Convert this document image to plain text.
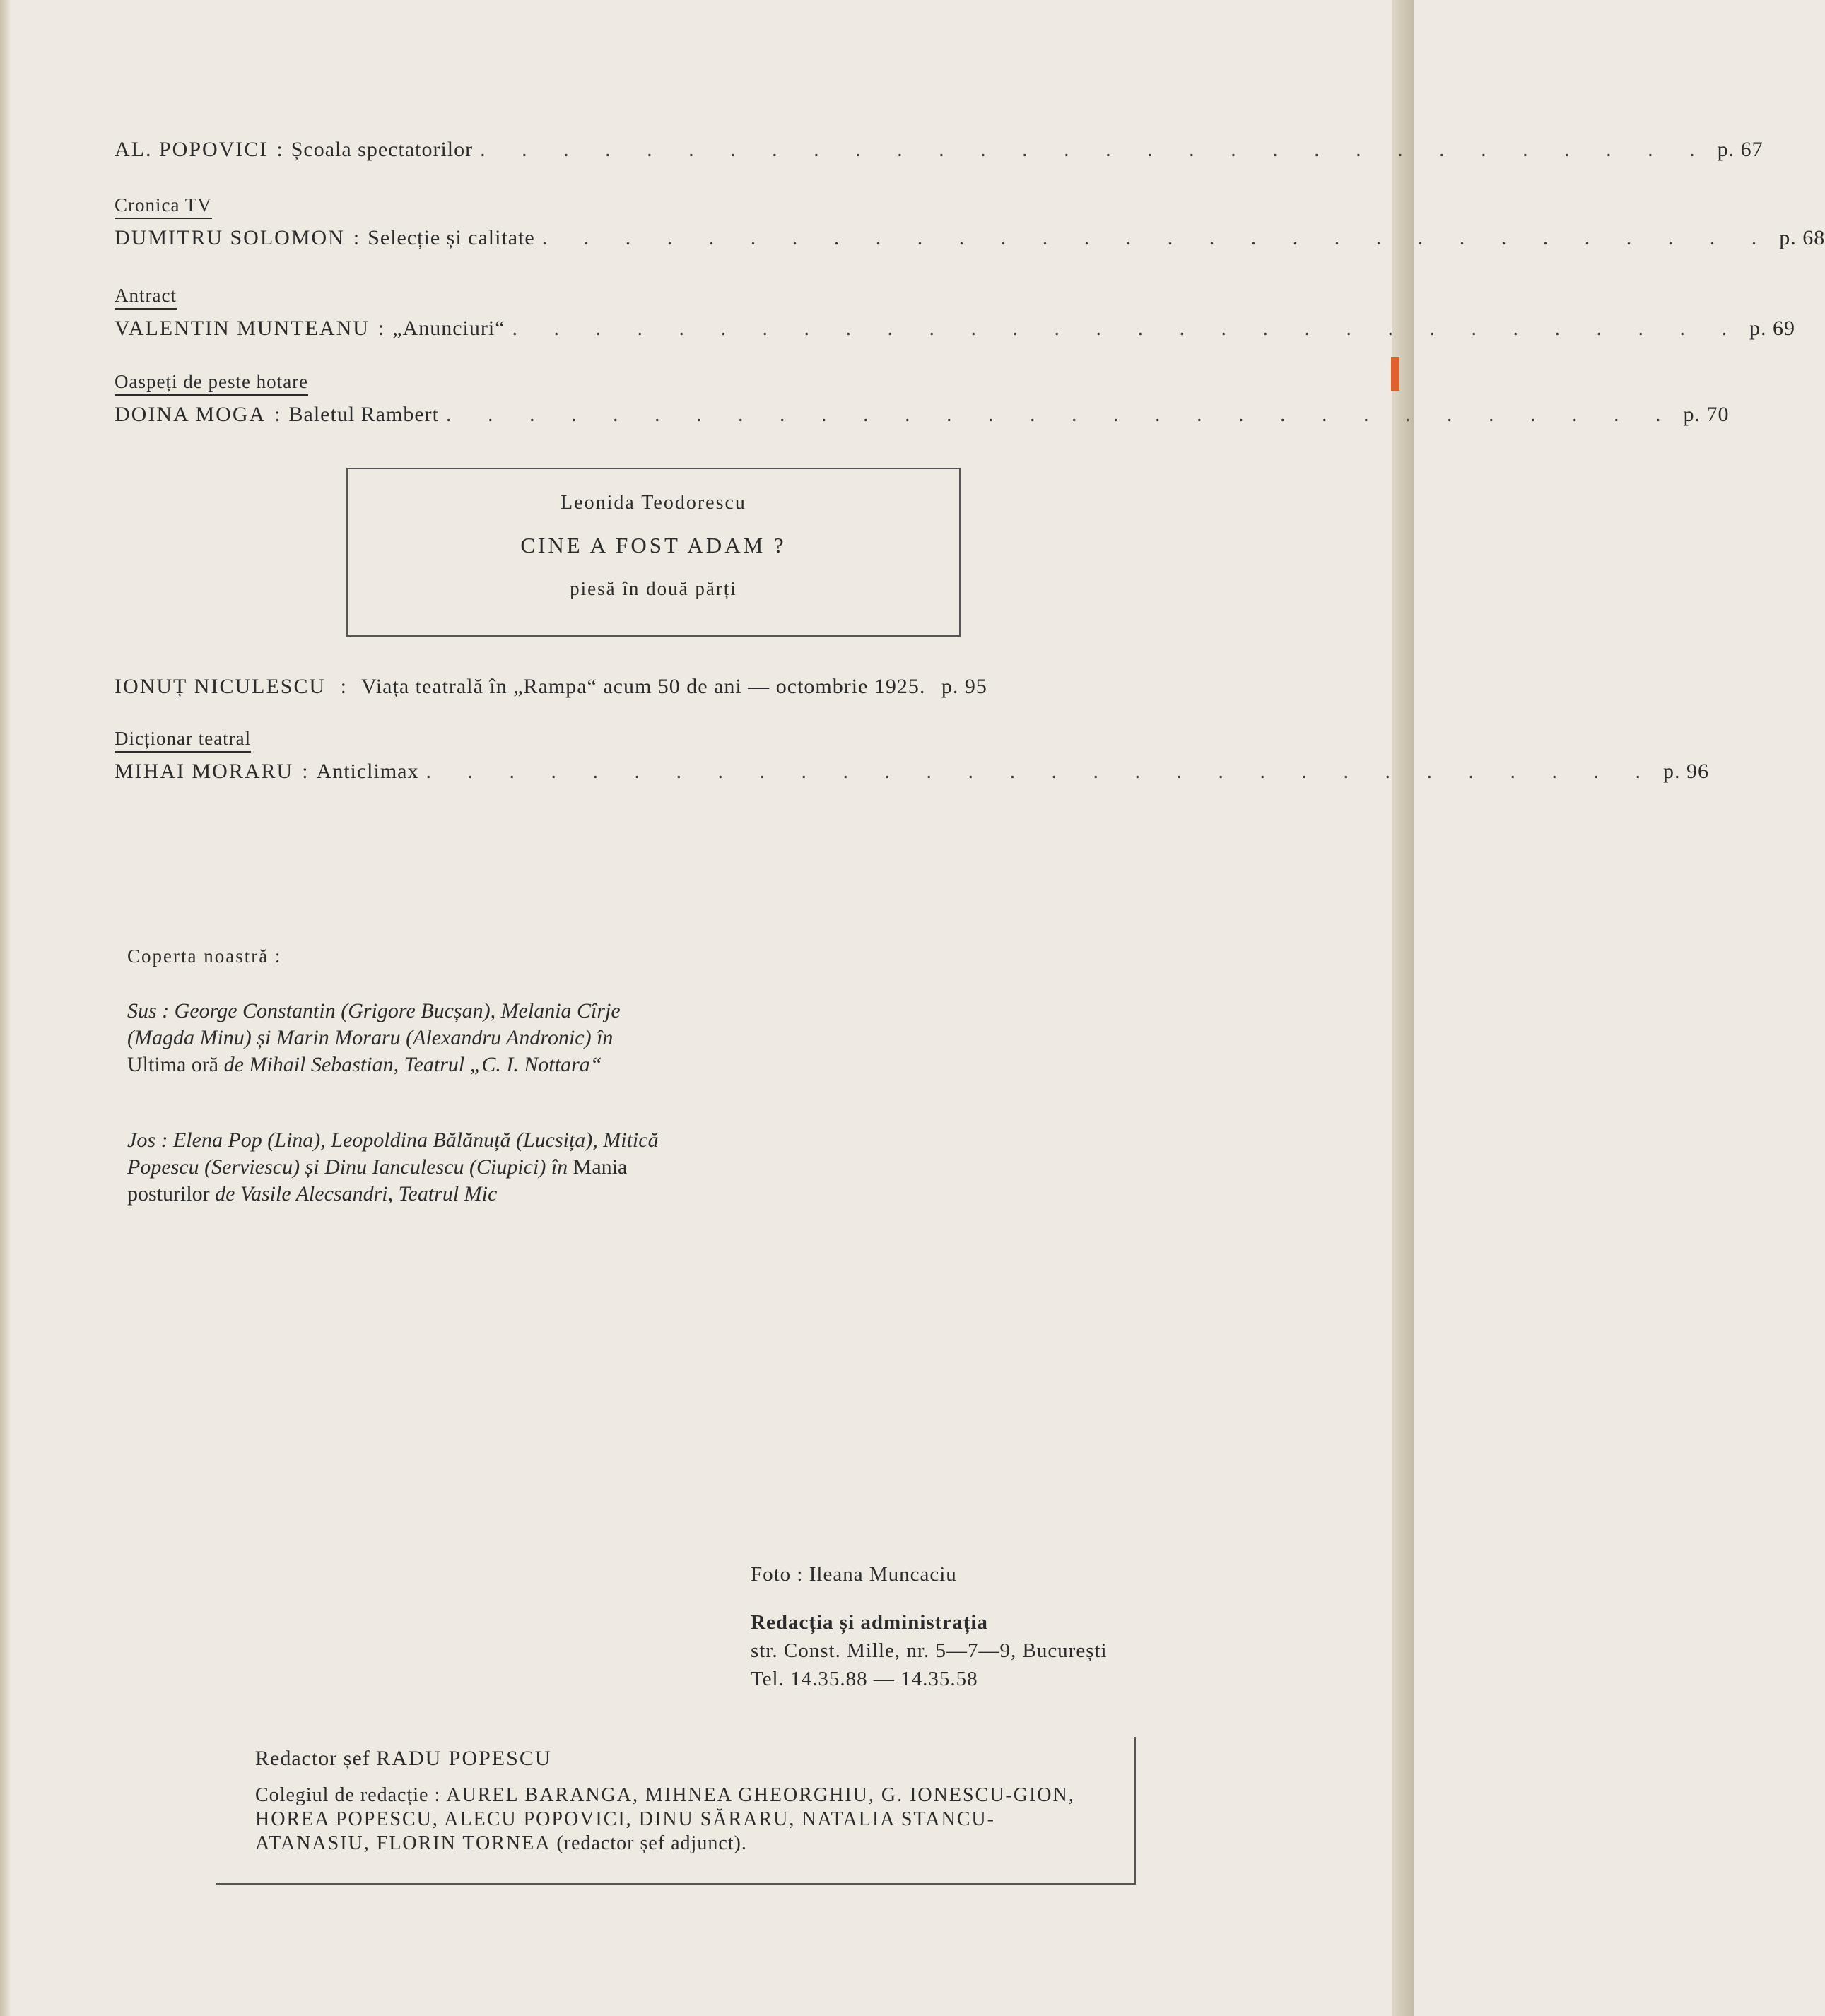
AL. POPOVICI : Școala spectatorilor . . . . . . . . . . . . . . . . . . . . . . . . . . . . . . p. 67
Cronica TV
DUMITRU SOLOMON : Selecție și calitate . . . . . . . . . . . . . . . . . . . . . . . . . . . . . . p. 68
Antract
VALENTIN MUNTEANU : „Anunciuri“ . . . . . . . . . . . . . . . . . . . . . . . . . . . . . . p. 69
Oaspeți de peste hotare
DOINA MOGA : Baletul Rambert . . . . . . . . . . . . . . . . . . . . . . . . . . . . . . p. 70
Leonida Teodorescu
CINE A FOST ADAM ?
piesă în două părți
IONUȚ NICULESCU : Viața teatrală în „Rampa“ acum 50 de ani — octombrie 1925. p. 95
Dicționar teatral
MIHAI MORARU : Anticlimax . . . . . . . . . . . . . . . . . . . . . . . . . . . . . . p. 96
Coperta noastră :
Sus : George Constantin (Grigore Bucșan), Melania Cîrje (Magda Minu) și Marin Moraru (Alexandru Andronic) în Ultima oră de Mihail Sebastian, Teatrul „C. I. Nottara“
Jos : Elena Pop (Lina), Leopoldina Bălănuță (Lucsița), Mitică Popescu (Serviescu) și Dinu Ianculescu (Ciupici) în Mania posturilor de Vasile Alecsandri, Teatrul Mic
Foto : Ileana Muncaciu
Redacția și administrația
str. Const. Mille, nr. 5—7—9, București
Tel. 14.35.88 — 14.35.58
Redactor șef RADU POPESCU
Colegiul de redacție : AUREL BARANGA, MIHNEA GHEORGHIU, G. IONESCU-GION, HOREA POPESCU, ALECU POPOVICI, DINU SĂRARU, NATALIA STANCU-ATANASIU, FLORIN TORNEA (redactor șef adjunct).
